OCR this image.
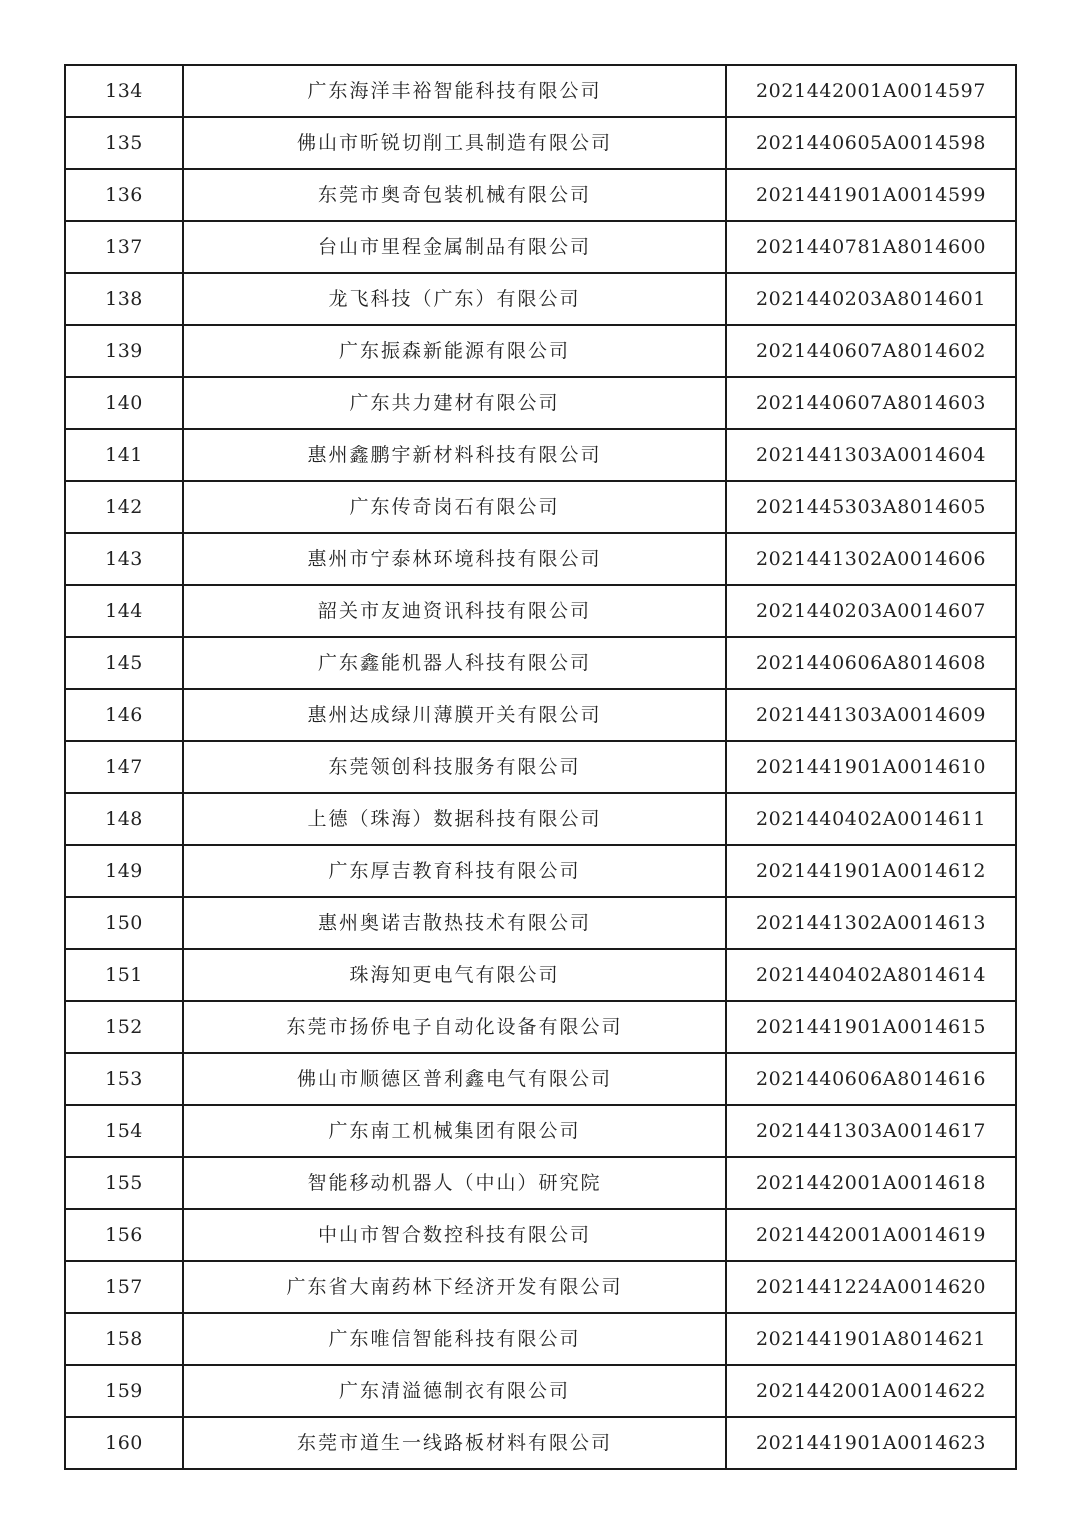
134	广东海洋丰裕智能科技有限公司	2021442001A0014597
135	佛山市昕锐切削工具制造有限公司	2021440605A0014598
136	东莞市奥奇包装机械有限公司	2021441901A0014599
137	台山市里程金属制品有限公司	2021440781A8014600
138	龙飞科技（广东）有限公司	2021440203A8014601
139	广东振森新能源有限公司	2021440607A8014602
140	广东共力建材有限公司	2021440607A8014603
141	惠州鑫鹏宇新材料科技有限公司	2021441303A0014604
142	广东传奇岗石有限公司	2021445303A8014605
143	惠州市宁泰林环境科技有限公司	2021441302A0014606
144	韶关市友迪资讯科技有限公司	2021440203A0014607
145	广东鑫能机器人科技有限公司	2021440606A8014608
146	惠州达成绿川薄膜开关有限公司	2021441303A0014609
147	东莞领创科技服务有限公司	2021441901A0014610
148	上德（珠海）数据科技有限公司	2021440402A0014611
149	广东厚吉教育科技有限公司	2021441901A0014612
150	惠州奥诺吉散热技术有限公司	2021441302A0014613
151	珠海知更电气有限公司	2021440402A8014614
152	东莞市扬侨电子自动化设备有限公司	2021441901A0014615
153	佛山市顺德区普利鑫电气有限公司	2021440606A8014616
154	广东南工机械集团有限公司	2021441303A0014617
155	智能移动机器人（中山）研究院	2021442001A0014618
156	中山市智合数控科技有限公司	2021442001A0014619
157	广东省大南药林下经济开发有限公司	2021441224A0014620
158	广东唯信智能科技有限公司	2021441901A8014621
159	广东清溢德制衣有限公司	2021442001A0014622
160	东莞市道生一线路板材料有限公司	2021441901A0014623
